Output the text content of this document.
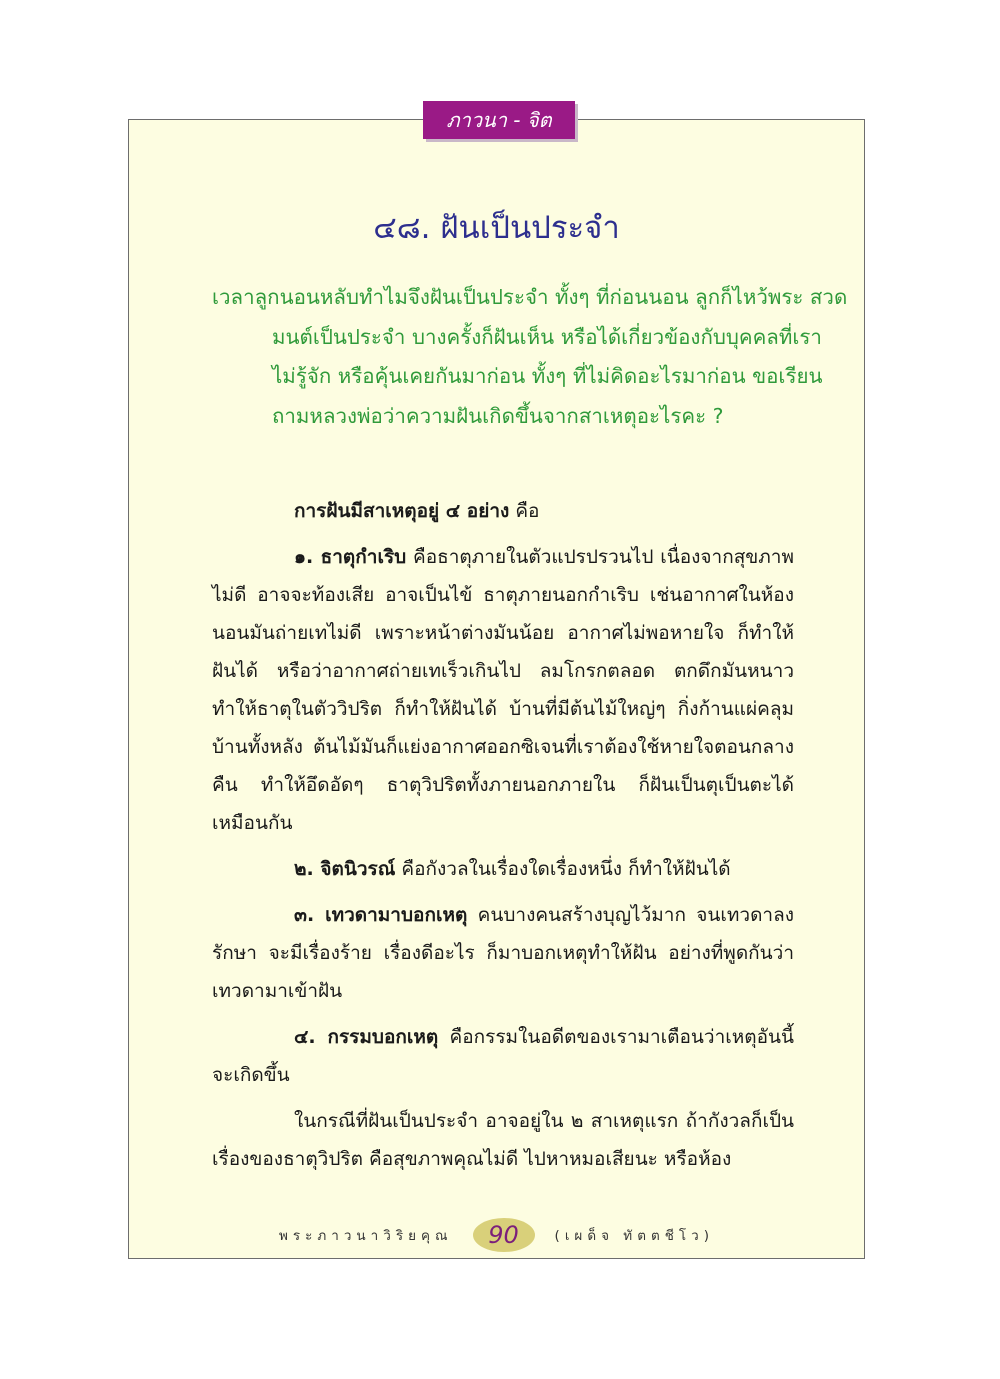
ภาวนา - จิต
๔๘. ฝันเป็นประจำ

เวลาลูกนอนหลับทำไมจึงฝันเป็นประจำ ทั้งๆ ที่ก่อนนอน ลูกก็ไหว้พระ สวดมนต์เป็นประจำ บางครั้งก็ฝันเห็น หรือได้เกี่ยวข้องกับบุคคลที่เราไม่รู้จัก หรือคุ้นเคยกันมาก่อน ทั้งๆ ที่ไม่คิดอะไรมาก่อน ขอเรียนถามหลวงพ่อว่าความฝันเกิดขึ้นจากสาเหตุอะไรคะ ?

การฝันมีสาเหตุอยู่ ๔ อย่าง คือ

๑. ธาตุกำเริบ คือธาตุภายในตัวแปรปรวนไป เนื่องจากสุขภาพไม่ดี อาจจะท้องเสีย อาจเป็นไข้ ธาตุภายนอกกำเริบ เช่นอากาศในห้องนอนมันถ่ายเทไม่ดี เพราะหน้าต่างมันน้อย อากาศไม่พอหายใจ ก็ทำให้ฝันได้ หรือว่าอากาศถ่ายเทเร็วเกินไป ลมโกรกตลอด ตกดึกมันหนาว ทำให้ธาตุในตัววิปริต ก็ทำให้ฝันได้ บ้านที่มีต้นไม้ใหญ่ๆ กิ่งก้านแผ่คลุมบ้านทั้งหลัง ต้นไม้มันก็แย่งอากาศออกซิเจนที่เราต้องใช้หายใจตอนกลางคืน ทำให้อึดอัดๆ ธาตุวิปริตทั้งภายนอกภายใน ก็ฝันเป็นตุเป็นตะได้เหมือนกัน

๒. จิตนิวรณ์ คือกังวลในเรื่องใดเรื่องหนึ่ง ก็ทำให้ฝันได้

๓. เทวดามาบอกเหตุ คนบางคนสร้างบุญไว้มาก จนเทวดาลงรักษา จะมีเรื่องร้าย เรื่องดีอะไร ก็มาบอกเหตุทำให้ฝัน อย่างที่พูดกันว่าเทวดามาเข้าฝัน

๔. กรรมบอกเหตุ คือกรรมในอดีตของเรามาเตือนว่าเหตุอันนี้จะเกิดขึ้น

ในกรณีที่ฝันเป็นประจำ อาจอยู่ใน ๒ สาเหตุแรก ถ้ากังวลก็เป็นเรื่องของธาตุวิปริต คือสุขภาพคุณไม่ดี ไปหาหมอเสียนะ หรือห้อง

พระภาวนาวิริยคุณ 90	(เผด็จ ทัตตชีโว)
